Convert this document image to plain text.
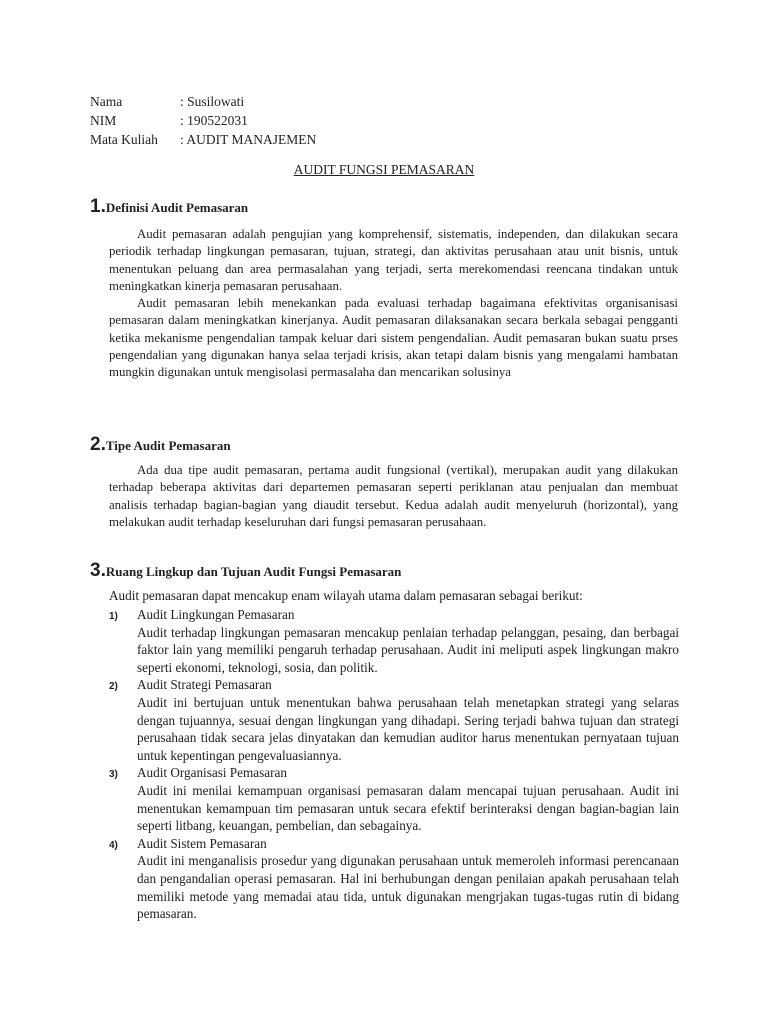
Nama	: Susilowati
NIM	: 190522031
Mata Kuliah	: AUDIT MANAJEMEN
AUDIT FUNGSI PEMASARAN
1. Definisi Audit Pemasaran

Audit pemasaran adalah pengujian yang komprehensif, sistematis, independen, dan dilakukan secara periodik terhadap lingkungan pemasaran, tujuan, strategi, dan aktivitas perusahaan atau unit bisnis, untuk menentukan peluang dan area permasalahan yang terjadi, serta merekomendasi reencana tindakan untuk meningkatkan kinerja pemasaran perusahaan.

Audit pemasaran lebih menekankan pada evaluasi terhadap bagaimana efektivitas organisanisasi pemasaran dalam meningkatkan kinerjanya. Audit pemasaran dilaksanakan secara berkala sebagai pengganti ketika mekanisme pengendalian tampak keluar dari sistem pengendalian. Audit pemasaran bukan suatu prses pengendalian yang digunakan hanya selaa terjadi krisis, akan tetapi dalam bisnis yang mengalami hambatan mungkin digunakan untuk mengisolasi permasalaha dan mencarikan solusinya

2. Tipe Audit Pemasaran

Ada dua tipe audit pemasaran, pertama audit fungsional (vertikal), merupakan audit yang dilakukan terhadap beberapa aktivitas dari departemen pemasaran seperti periklanan atau penjualan dan membuat analisis terhadap bagian-bagian yang diaudit tersebut. Kedua adalah audit menyeluruh (horizontal), yang melakukan audit terhadap keseluruhan dari fungsi pemasaran perusahaan.

3. Ruang Lingkup dan Tujuan Audit Fungsi Pemasaran
Audit pemasaran dapat mencakup enam wilayah utama dalam pemasaran sebagai berikut:
1)	Audit Lingkungan Pemasaran
Audit terhadap lingkungan pemasaran mencakup penlaian terhadap pelanggan, pesaing, dan berbagai faktor lain yang memiliki pengaruh terhadap perusahaan. Audit ini meliputi aspek lingkungan makro seperti ekonomi, teknologi, sosia, dan politik.
2)	Audit Strategi Pemasaran
Audit ini bertujuan untuk menentukan bahwa perusahaan telah menetapkan strategi yang selaras dengan tujuannya, sesuai dengan lingkungan yang dihadapi. Sering terjadi bahwa tujuan dan strategi perusahaan tidak secara jelas dinyatakan dan kemudian auditor harus menentukan pernyataan tujuan untuk kepentingan pengevaluasiannya.
3)	Audit Organisasi Pemasaran
Audit ini menilai kemampuan organisasi pemasaran dalam mencapai tujuan perusahaan. Audit ini menentukan kemampuan tim pemasaran untuk secara efektif berinteraksi dengan bagian-bagian lain seperti litbang, keuangan, pembelian, dan sebagainya.
4)	Audit Sistem Pemasaran
Audit ini menganalisis prosedur yang digunakan perusahaan untuk memeroleh informasi perencanaan dan pengandalian operasi pemasaran. Hal ini berhubungan dengan penilaian apakah perusahaan telah memiliki metode yang memadai atau tida, untuk digunakan mengrjakan tugas-tugas rutin di bidang pemasaran.
